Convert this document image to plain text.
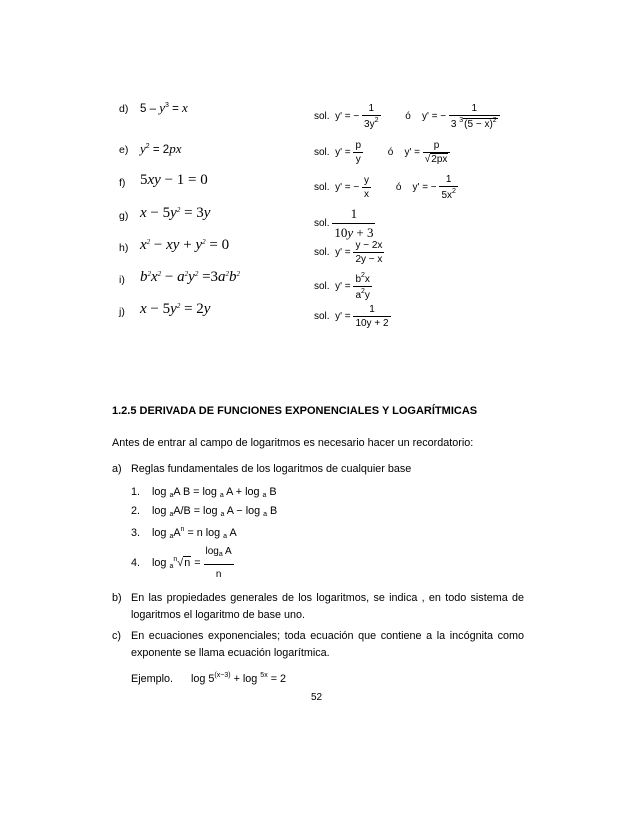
d)
e)
f)
g)
h)
i)
j)
$5 - y^3 = x$
$y^2 = 2px$
5xy − 1 = 0
$x - 5y^2 = 3y$
$x^2$ − xy + $y^2 = 0$
$b^2x^2 - a^2y^2 =3a^2b^2$
$x - 5y^2 = 2y$
sol.  y' = − $\frac{1}{3y^2}$ ó    y' = − $\frac{1}{3 ^3(5 - x)^2}$
sol.  $y' = \frac{p}{y}$ ó    $y' = \frac{p}{√2px}$
sol.  y' = − $\frac{y}{x}$ ó    y' = − $\frac{1}{5x^2}$
sol. $\frac{1}{10y + 3}$
sol.  $y' = \frac{y - 2x}{2y - x}$
sol.  $y' = \frac{b^2x}{a^2y}$
sol.  $y' = \frac{1}{10y + 2}$
1.2.5 DERIVADA DE FUNCIONES EXPONENCIALES Y LOGARÍTMICAS
Antes de entrar al campo de logaritmos es necesario hacer un recordatorio:
a) Reglas fundamentales de los logaritmos de cualquier base
1.    log $_a$A B = log $_a$ A + log $_a$ B
2.    log $_a$A/B = log $_a$ A − log $_a$ B
3.    $\log _aA^n = n$ log $_a$ A
4.    $\log _a^n√n = \frac{\log_a A}{n}$
b) En las propiedades generales de los logaritmos, se indica , en todo sistema de
logaritmos el logaritmo de base uno.
c) En ecuaciones exponenciales; toda ecuación que contiene a la incógnita como
exponente se llama ecuación logarítmica.
Ejemplo.      $\log 5^{(x-3)} + \log ^{5x} = 2$
52
